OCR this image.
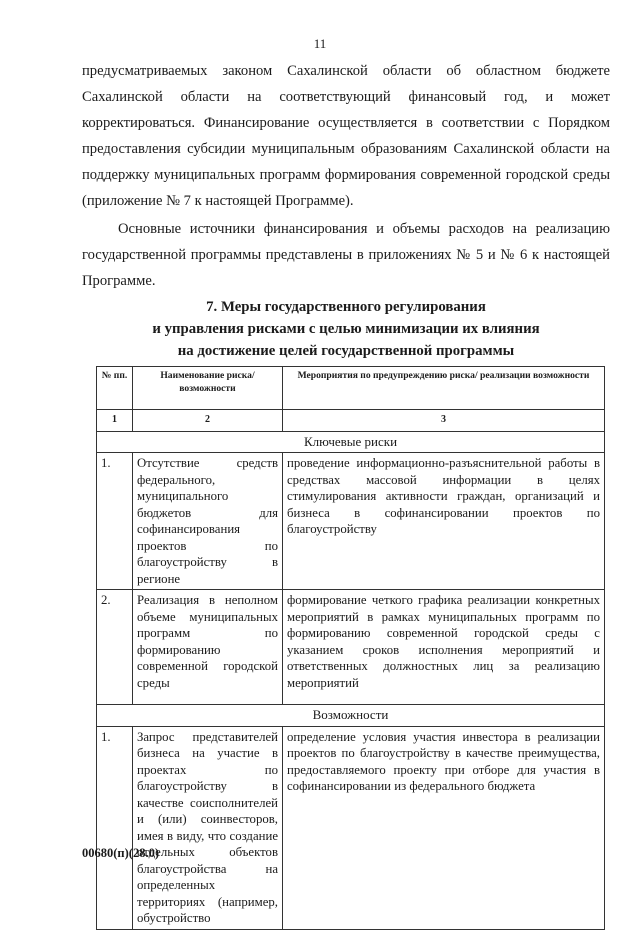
11

предусматриваемых законом Сахалинской области об областном бюджете Сахалинской области на соответствующий финансовый год, и может корректироваться. Финансирование осуществляется в соответствии с Порядком предоставления субсидии муниципальным образованиям Сахалинской области на поддержку муниципальных программ формирования современной городской среды (приложение № 7 к настоящей Программе).

Основные источники финансирования и объемы расходов на реализацию государственной программы представлены в приложениях № 5 и № 6 к настоящей Программе.

7. Меры государственного регулирования
и управления рисками с целью минимизации их влияния
на достижение целей государственной программы
№ пп.	Наименование риска/ возможности	Мероприятия по предупреждению риска/ реализации возможности
1	2	3
Ключевые риски		
1.	Отсутствие средств федерального, муниципального бюджетов для софинансирования проектов по благоустройству в регионе	проведение информационно-разъяснительной работы в средствах массовой информации в целях стимулирования активности граждан, организаций и бизнеса в софинансировании проектов по благоустройству
2.	Реализация в неполном объеме муниципальных программ по формированию современной городской среды	формирование четкого графика реализации конкретных мероприятий в рамках муниципальных программ по формированию современной городской среды с указанием сроков исполнения мероприятий и ответственных должностных лиц за реализацию мероприятий
Возможности		
1.	Запрос представителей бизнеса на участие в проектах по благоустройству в качестве соисполнителей и (или) соинвесторов, имея в виду, что создание отдельных объектов благоустройства на определенных территориях (например, обустройство	определение условия участия инвестора в реализации проектов по благоустройству в качестве преимущества, предоставляемого проекту при отборе для участия в софинансировании из федерального бюджета
00680(п)(28.0)
